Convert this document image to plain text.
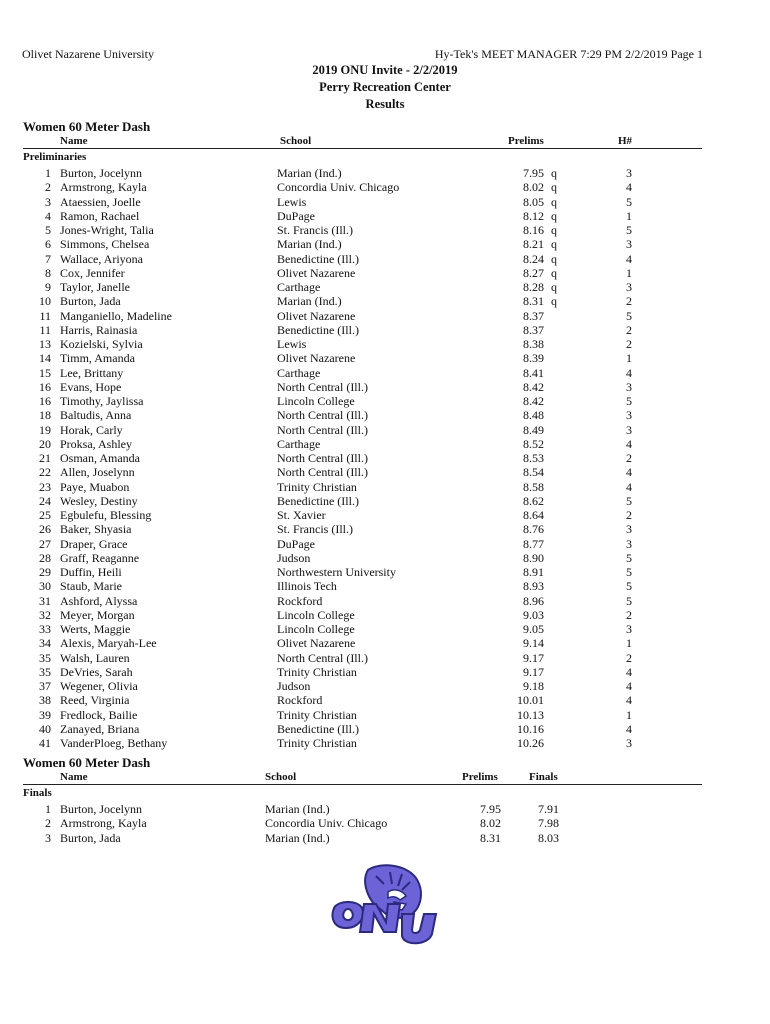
Olivet Nazarene University	Hy-Tek's MEET MANAGER 7:29 PM 2/2/2019 Page 1
2019 ONU Invite - 2/2/2019
Perry Recreation Center
Results
Women 60 Meter Dash
Name	School	Prelims	H#
Preliminaries
1 Burton, Jocelynn	Marian (Ind.)	7.95 q	3
2 Armstrong, Kayla	Concordia Univ. Chicago	8.02 q	4
3 Ataessien, Joelle	Lewis	8.05 q	5
4 Ramon, Rachael	DuPage	8.12 q	1
5 Jones-Wright, Talia	St. Francis (Ill.)	8.16 q	5
6 Simmons, Chelsea	Marian (Ind.)	8.21 q	3
7 Wallace, Ariyona	Benedictine (Ill.)	8.24 q	4
8 Cox, Jennifer	Olivet Nazarene	8.27 q	1
9 Taylor, Janelle	Carthage	8.28 q	3
10 Burton, Jada	Marian (Ind.)	8.31 q	2
11 Manganiello, Madeline	Olivet Nazarene	8.37	5
11 Harris, Rainasia	Benedictine (Ill.)	8.37	2
13 Kozielski, Sylvia	Lewis	8.38	2
14 Timm, Amanda	Olivet Nazarene	8.39	1
15 Lee, Brittany	Carthage	8.41	4
16 Evans, Hope	North Central (Ill.)	8.42	3
16 Timothy, Jaylissa	Lincoln College	8.42	5
18 Baltudis, Anna	North Central (Ill.)	8.48	3
19 Horak, Carly	North Central (Ill.)	8.49	3
20 Proksa, Ashley	Carthage	8.52	4
21 Osman, Amanda	North Central (Ill.)	8.53	2
22 Allen, Joselynn	North Central (Ill.)	8.54	4
23 Paye, Muabon	Trinity Christian	8.58	4
24 Wesley, Destiny	Benedictine (Ill.)	8.62	5
25 Egbulefu, Blessing	St. Xavier	8.64	2
26 Baker, Shyasia	St. Francis (Ill.)	8.76	3
27 Draper, Grace	DuPage	8.77	3
28 Graff, Reaganne	Judson	8.90	5
29 Duffin, Heili	Northwestern University	8.91	5
30 Staub, Marie	Illinois Tech	8.93	5
31 Ashford, Alyssa	Rockford	8.96	5
32 Meyer, Morgan	Lincoln College	9.03	2
33 Werts, Maggie	Lincoln College	9.05	3
34 Alexis, Maryah-Lee	Olivet Nazarene	9.14	1
35 Walsh, Lauren	North Central (Ill.)	9.17	2
35 DeVries, Sarah	Trinity Christian	9.17	4
37 Wegener, Olivia	Judson	9.18	4
38 Reed, Virginia	Rockford	10.01	4
39 Fredlock, Bailie	Trinity Christian	10.13	1
40 Zanayed, Briana	Benedictine (Ill.)	10.16	4
41 VanderPloeg, Bethany	Trinity Christian	10.26	3
Women 60 Meter Dash
Name	School	Prelims	Finals
Finals
1 Burton, Jocelynn	Marian (Ind.)	7.95	7.91
2 Armstrong, Kayla	Concordia Univ. Chicago	8.02	7.98
3 Burton, Jada	Marian (Ind.)	8.31	8.03
